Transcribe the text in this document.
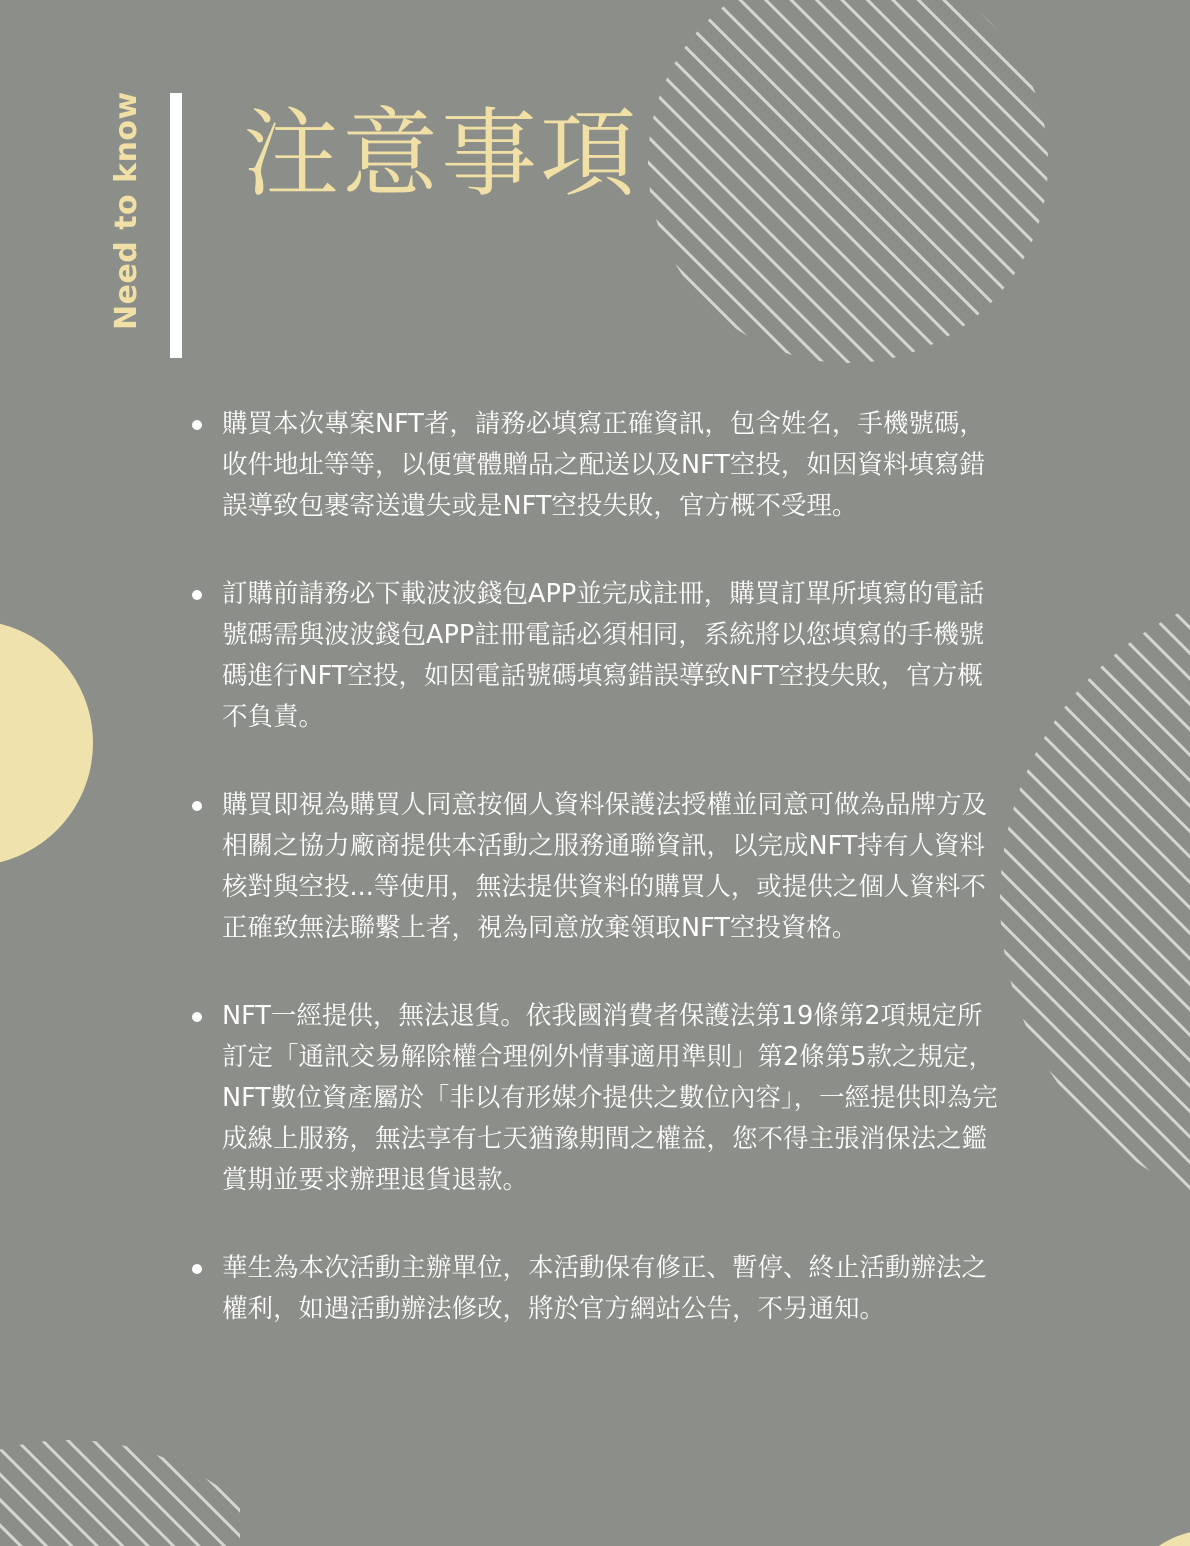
Need to know 注意事項
購買本次專案NFT者，請務必填寫正確資訊，包含姓名，手機號碼，收件地址等等，以便實體贈品之配送以及NFT空投，如因資料填寫錯誤導致包裹寄送遺失或是NFT空投失敗，官方概不受理。
訂購前請務必下載波波錢包APP並完成註冊，購買訂單所填寫的電話號碼需與波波錢包APP註冊電話必須相同，系統將以您填寫的手機號碼進行NFT空投，如因電話號碼填寫錯誤導致NFT空投失敗，官方概不負責。
購買即視為購買人同意按個人資料保護法授權並同意可做為品牌方及相關之協力廠商提供本活動之服務通聯資訊，以完成NFT持有人資料核對與空投...等使用，無法提供資料的購買人，或提供之個人資料不正確致無法聯繫上者，視為同意放棄領取NFT空投資格。
NFT一經提供，無法退貨。依我國消費者保護法第19條第2項規定所訂定「通訊交易解除權合理例外情事適用準則」第2條第5款之規定，NFT數位資產屬於「非以有形媒介提供之數位內容」，一經提供即為完成線上服務，無法享有七天猶豫期間之權益，您不得主張消保法之鑑賞期並要求辦理退貨退款。
華生為本次活動主辦單位，本活動保有修正、暫停、終止活動辦法之權利，如遇活動辦法修改，將於官方網站公告，不另通知。
